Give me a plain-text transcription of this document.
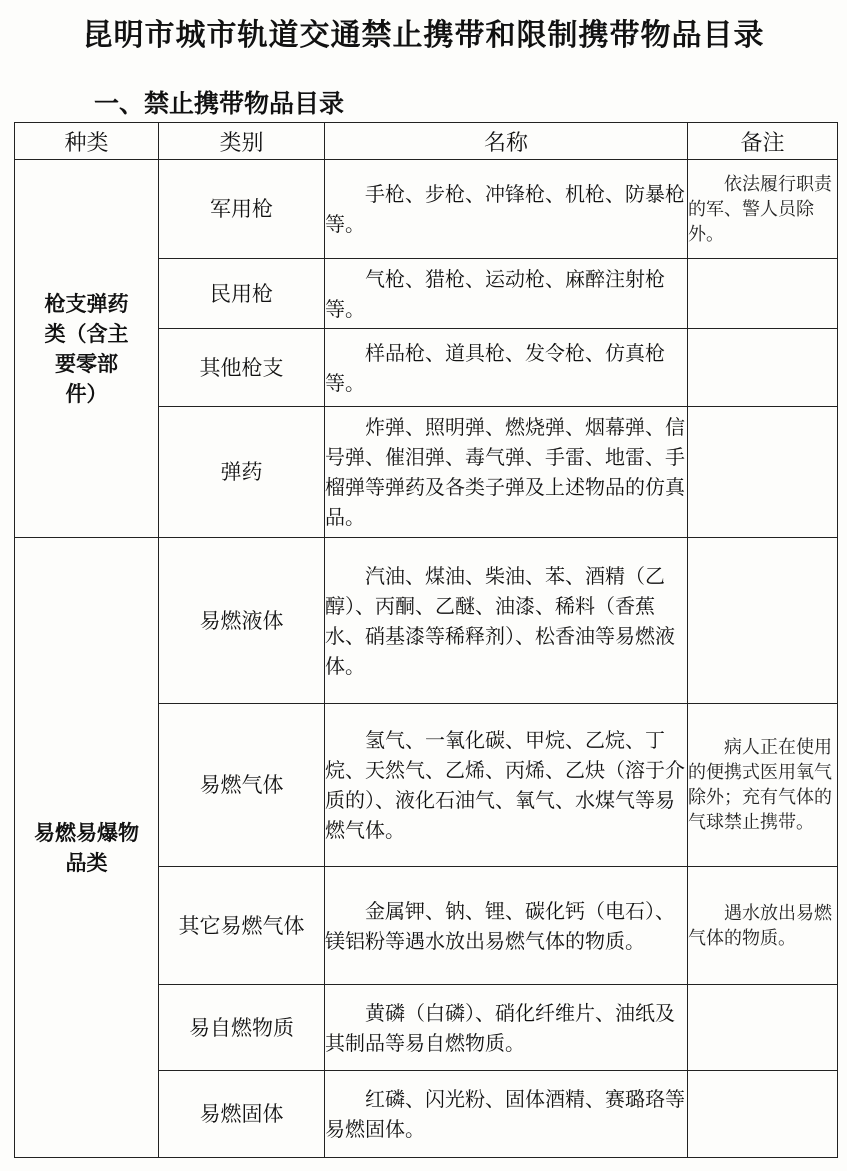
昆明市城市轨道交通禁止携带和限制携带物品目录
一、禁止携带物品目录
种类	类别	名称	备注

枪支弹药类（含主要零部件）	军用枪	手枪、步枪、冲锋枪、机枪、防暴枪等。	依法履行职责的军、警人员除外。
	民用枪	气枪、猎枪、运动枪、麻醉注射枪等。	
	其他枪支	样品枪、道具枪、发令枪、仿真枪等。	
	弹药	炸弹、照明弹、燃烧弹、烟幕弹、信号弹、催泪弹、毒气弹、手雷、地雷、手榴弹等弹药及各类子弹及上述物品的仿真品。	

易燃易爆物品类	易燃液体	汽油、煤油、柴油、苯、酒精（乙醇）、丙酮、乙醚、油漆、稀料（香蕉水、硝基漆等稀释剂）、松香油等易燃液体。	
	易燃气体	氢气、一氧化碳、甲烷、乙烷、丁烷、天然气、乙烯、丙烯、乙炔（溶于介质的）、液化石油气、氧气、水煤气等易燃气体。	病人正在使用的便携式医用氧气除外；充有气体的气球禁止携带。
	其它易燃气体	金属钾、钠、锂、碳化钙（电石）、镁铝粉等遇水放出易燃气体的物质。	遇水放出易燃气体的物质。
	易自燃物质	黄磷（白磷）、硝化纤维片、油纸及其制品等易自燃物质。	
	易燃固体	红磷、闪光粉、固体酒精、赛璐珞等易燃固体。	
